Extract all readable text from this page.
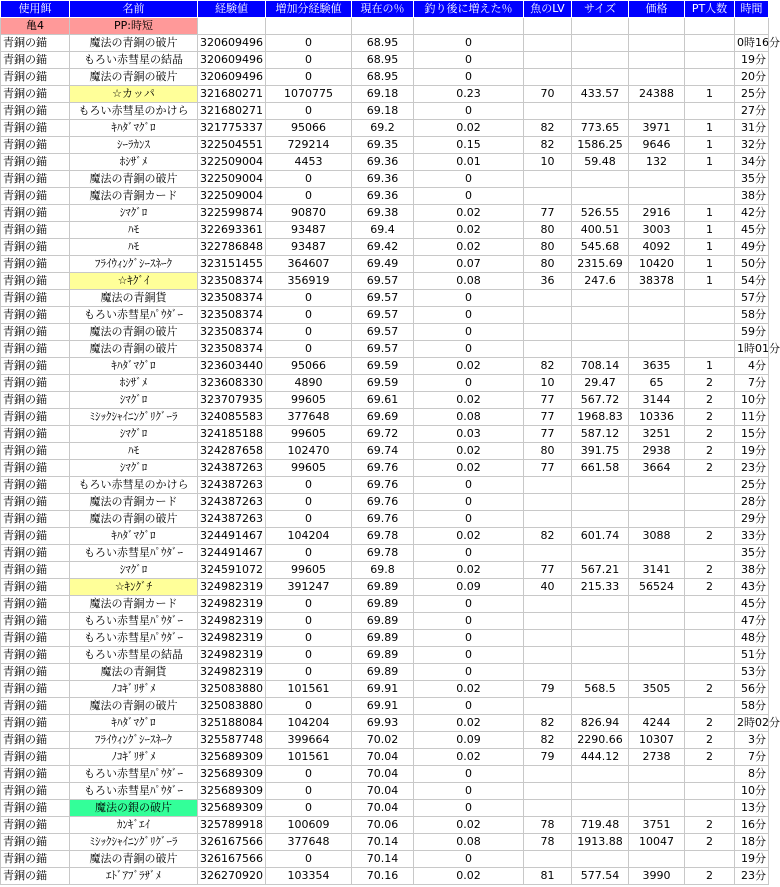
使用餌	名前	経験値	増加分経験値	現在の％	釣り後に増えた％	魚のLV	サイズ	価格	PT人数	時間
亀4	PP:時短									
青銅の錨	魔法の青銅の破片	320609496	0	68.95	0					0時16分
青銅の錨	もろい赤彗星の結晶	320609496	0	68.95	0					19分
青銅の錨	魔法の青銅の破片	320609496	0	68.95	0					20分
青銅の錨	☆カッパ	321680271	1070775	69.18	0.23	70	433.57	24388	1	25分
青銅の錨	もろい赤彗星のかけら	321680271	0	69.18	0					27分
青銅の錨	ｷﾊﾀﾞﾏｸﾞﾛ	321775337	95066	69.2	0.02	82	773.65	3971	1	31分
青銅の錨	ｼｰﾗｶﾝｽ	322504551	729214	69.35	0.15	82	1586.25	9646	1	32分
青銅の錨	ﾎｼｻﾞﾒ	322509004	4453	69.36	0.01	10	59.48	132	1	34分
青銅の錨	魔法の青銅の破片	322509004	0	69.36	0					35分
青銅の錨	魔法の青銅カード	322509004	0	69.36	0					38分
青銅の錨	ｼﾏｸﾞﾛ	322599874	90870	69.38	0.02	77	526.55	2916	1	42分
青銅の錨	ﾊﾓ	322693361	93487	69.4	0.02	80	400.51	3003	1	45分
青銅の錨	ﾊﾓ	322786848	93487	69.42	0.02	80	545.68	4092	1	49分
青銅の錨	ﾌﾗｲｳｨﾝｸﾞｼｰｽﾈｰｸ	323151455	364607	69.49	0.07	80	2315.69	10420	1	50分
青銅の錨	☆ｷｸﾞｲ	323508374	356919	69.57	0.08	36	247.6	38378	1	54分
青銅の錨	魔法の青銅貨	323508374	0	69.57	0					57分
青銅の錨	もろい赤彗星ﾊﾟｳﾀﾞｰ	323508374	0	69.57	0					58分
青銅の錨	魔法の青銅の破片	323508374	0	69.57	0					59分
青銅の錨	魔法の青銅の破片	323508374	0	69.57	0					1時01分
青銅の錨	ｷﾊﾀﾞﾏｸﾞﾛ	323603440	95066	69.59	0.02	82	708.14	3635	1	4分
青銅の錨	ﾎｼｻﾞﾒ	323608330	4890	69.59	0	10	29.47	65	2	7分
青銅の錨	ｼﾏｸﾞﾛ	323707935	99605	69.61	0.02	77	567.72	3144	2	10分
青銅の錨	ﾐｼｯｸｼｬｲﾆﾝｸﾞﾘｸﾞｰﾗ	324085583	377648	69.69	0.08	77	1968.83	10336	2	11分
青銅の錨	ｼﾏｸﾞﾛ	324185188	99605	69.72	0.03	77	587.12	3251	2	15分
青銅の錨	ﾊﾓ	324287658	102470	69.74	0.02	80	391.75	2938	2	19分
青銅の錨	ｼﾏｸﾞﾛ	324387263	99605	69.76	0.02	77	661.58	3664	2	23分
青銅の錨	もろい赤彗星のかけら	324387263	0	69.76	0					25分
青銅の錨	魔法の青銅カード	324387263	0	69.76	0					28分
青銅の錨	魔法の青銅の破片	324387263	0	69.76	0					29分
青銅の錨	ｷﾊﾀﾞﾏｸﾞﾛ	324491467	104204	69.78	0.02	82	601.74	3088	2	33分
青銅の錨	もろい赤彗星ﾊﾟｳﾀﾞｰ	324491467	0	69.78	0					35分
青銅の錨	ｼﾏｸﾞﾛ	324591072	99605	69.8	0.02	77	567.21	3141	2	38分
青銅の錨	☆ｷﾝｸﾞﾁ	324982319	391247	69.89	0.09	40	215.33	56524	2	43分
青銅の錨	魔法の青銅カード	324982319	0	69.89	0					45分
青銅の錨	もろい赤彗星ﾊﾟｳﾀﾞｰ	324982319	0	69.89	0					47分
青銅の錨	もろい赤彗星ﾊﾟｳﾀﾞｰ	324982319	0	69.89	0					48分
青銅の錨	もろい赤彗星の結晶	324982319	0	69.89	0					51分
青銅の錨	魔法の青銅貨	324982319	0	69.89	0					53分
青銅の錨	ﾉｺｷﾞﾘｻﾞﾒ	325083880	101561	69.91	0.02	79	568.5	3505	2	56分
青銅の錨	魔法の青銅の破片	325083880	0	69.91	0					58分
青銅の錨	ｷﾊﾀﾞﾏｸﾞﾛ	325188084	104204	69.93	0.02	82	826.94	4244	2	2時02分
青銅の錨	ﾌﾗｲｳｨﾝｸﾞｼｰｽﾈｰｸ	325587748	399664	70.02	0.09	82	2290.66	10307	2	3分
青銅の錨	ﾉｺｷﾞﾘｻﾞﾒ	325689309	101561	70.04	0.02	79	444.12	2738	2	7分
青銅の錨	もろい赤彗星ﾊﾟｳﾀﾞｰ	325689309	0	70.04	0					8分
青銅の錨	もろい赤彗星ﾊﾟｳﾀﾞｰ	325689309	0	70.04	0					10分
青銅の錨	魔法の銀の破片	325689309	0	70.04	0					13分
青銅の錨	ｶﾝｷﾞｴｲ	325789918	100609	70.06	0.02	78	719.48	3751	2	16分
青銅の錨	ﾐｼｯｸｼｬｲﾆﾝｸﾞﾘｸﾞｰﾗ	326167566	377648	70.14	0.08	78	1913.88	10047	2	18分
青銅の錨	魔法の青銅の破片	326167566	0	70.14	0					19分
青銅の錨	ｴﾄﾞｱﾌﾞﾗｻﾞﾒ	326270920	103354	70.16	0.02	81	577.54	3990	2	23分
